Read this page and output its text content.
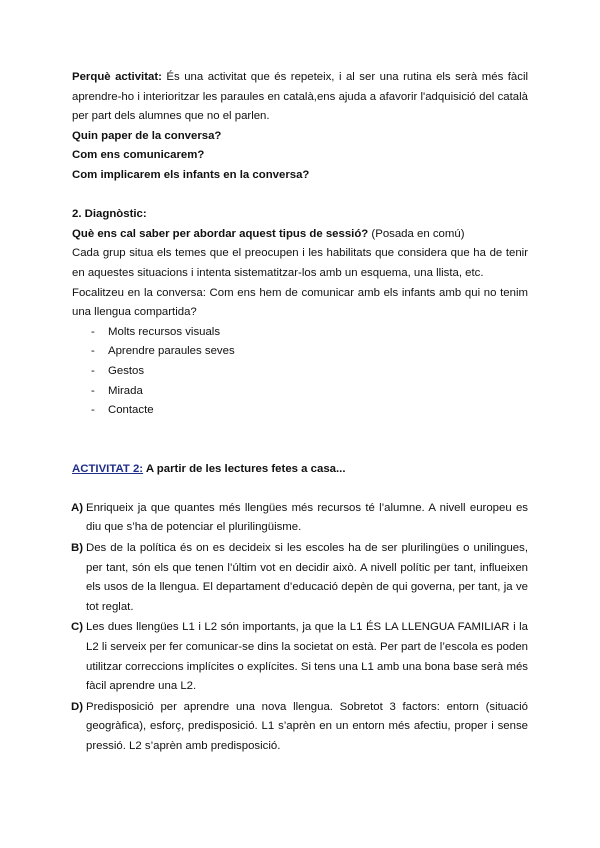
Perquè activitat: És una activitat que és repeteix, i al ser una rutina els serà més fàcil aprendre-ho i interioritzar les paraules en català,ens ajuda a afavorir l'adquisició del català per part dels alumnes que no el parlen.

Quin paper de la conversa?

Com ens comunicarem?

Com implicarem els infants en la conversa?

2. Diagnòstic:

Què ens cal saber per abordar aquest tipus de sessió? (Posada en comú)

Cada grup situa els temes que el preocupen i les habilitats que considera que ha de tenir en aquestes situacions i intenta sistematitzar-los amb un esquema, una llista, etc.

Focalitzeu en la conversa: Com ens hem de comunicar amb els infants amb qui no tenim una llengua compartida?

- Molts recursos visuals
- Aprendre paraules seves
- Gestos
- Mirada
- Contacte

ACTIVITAT 2: A partir de les lectures fetes a casa...

A) Enriqueix ja que quantes més llengües més recursos té l’alumne. A nivell europeu es diu que s’ha de potenciar el plurilingüisme.

B) Des de la política és on es decideix si les escoles ha de ser plurilingües o unilingues, per tant, són els que tenen l’últim vot en decidir això. A nivell polític per tant, influeixen els usos de la llengua. El departament d’educació depèn de qui governa, per tant, ja ve tot reglat.

C) Les dues llengües L1 i L2 són importants, ja que la L1 ÉS LA LLENGUA FAMILIAR i la L2 li serveix per fer comunicar-se dins la societat on està. Per part de l’escola es poden utilitzar correccions implícites o explícites. Si tens una L1 amb una bona base serà més fàcil aprendre una L2.

D) Predisposició per aprendre una nova llengua. Sobretot 3 factors: entorn (situació geogràfica), esforç, predisposició. L1 s’aprèn en un entorn més afectiu, proper i sense pressió. L2 s’aprèn amb predisposició.
